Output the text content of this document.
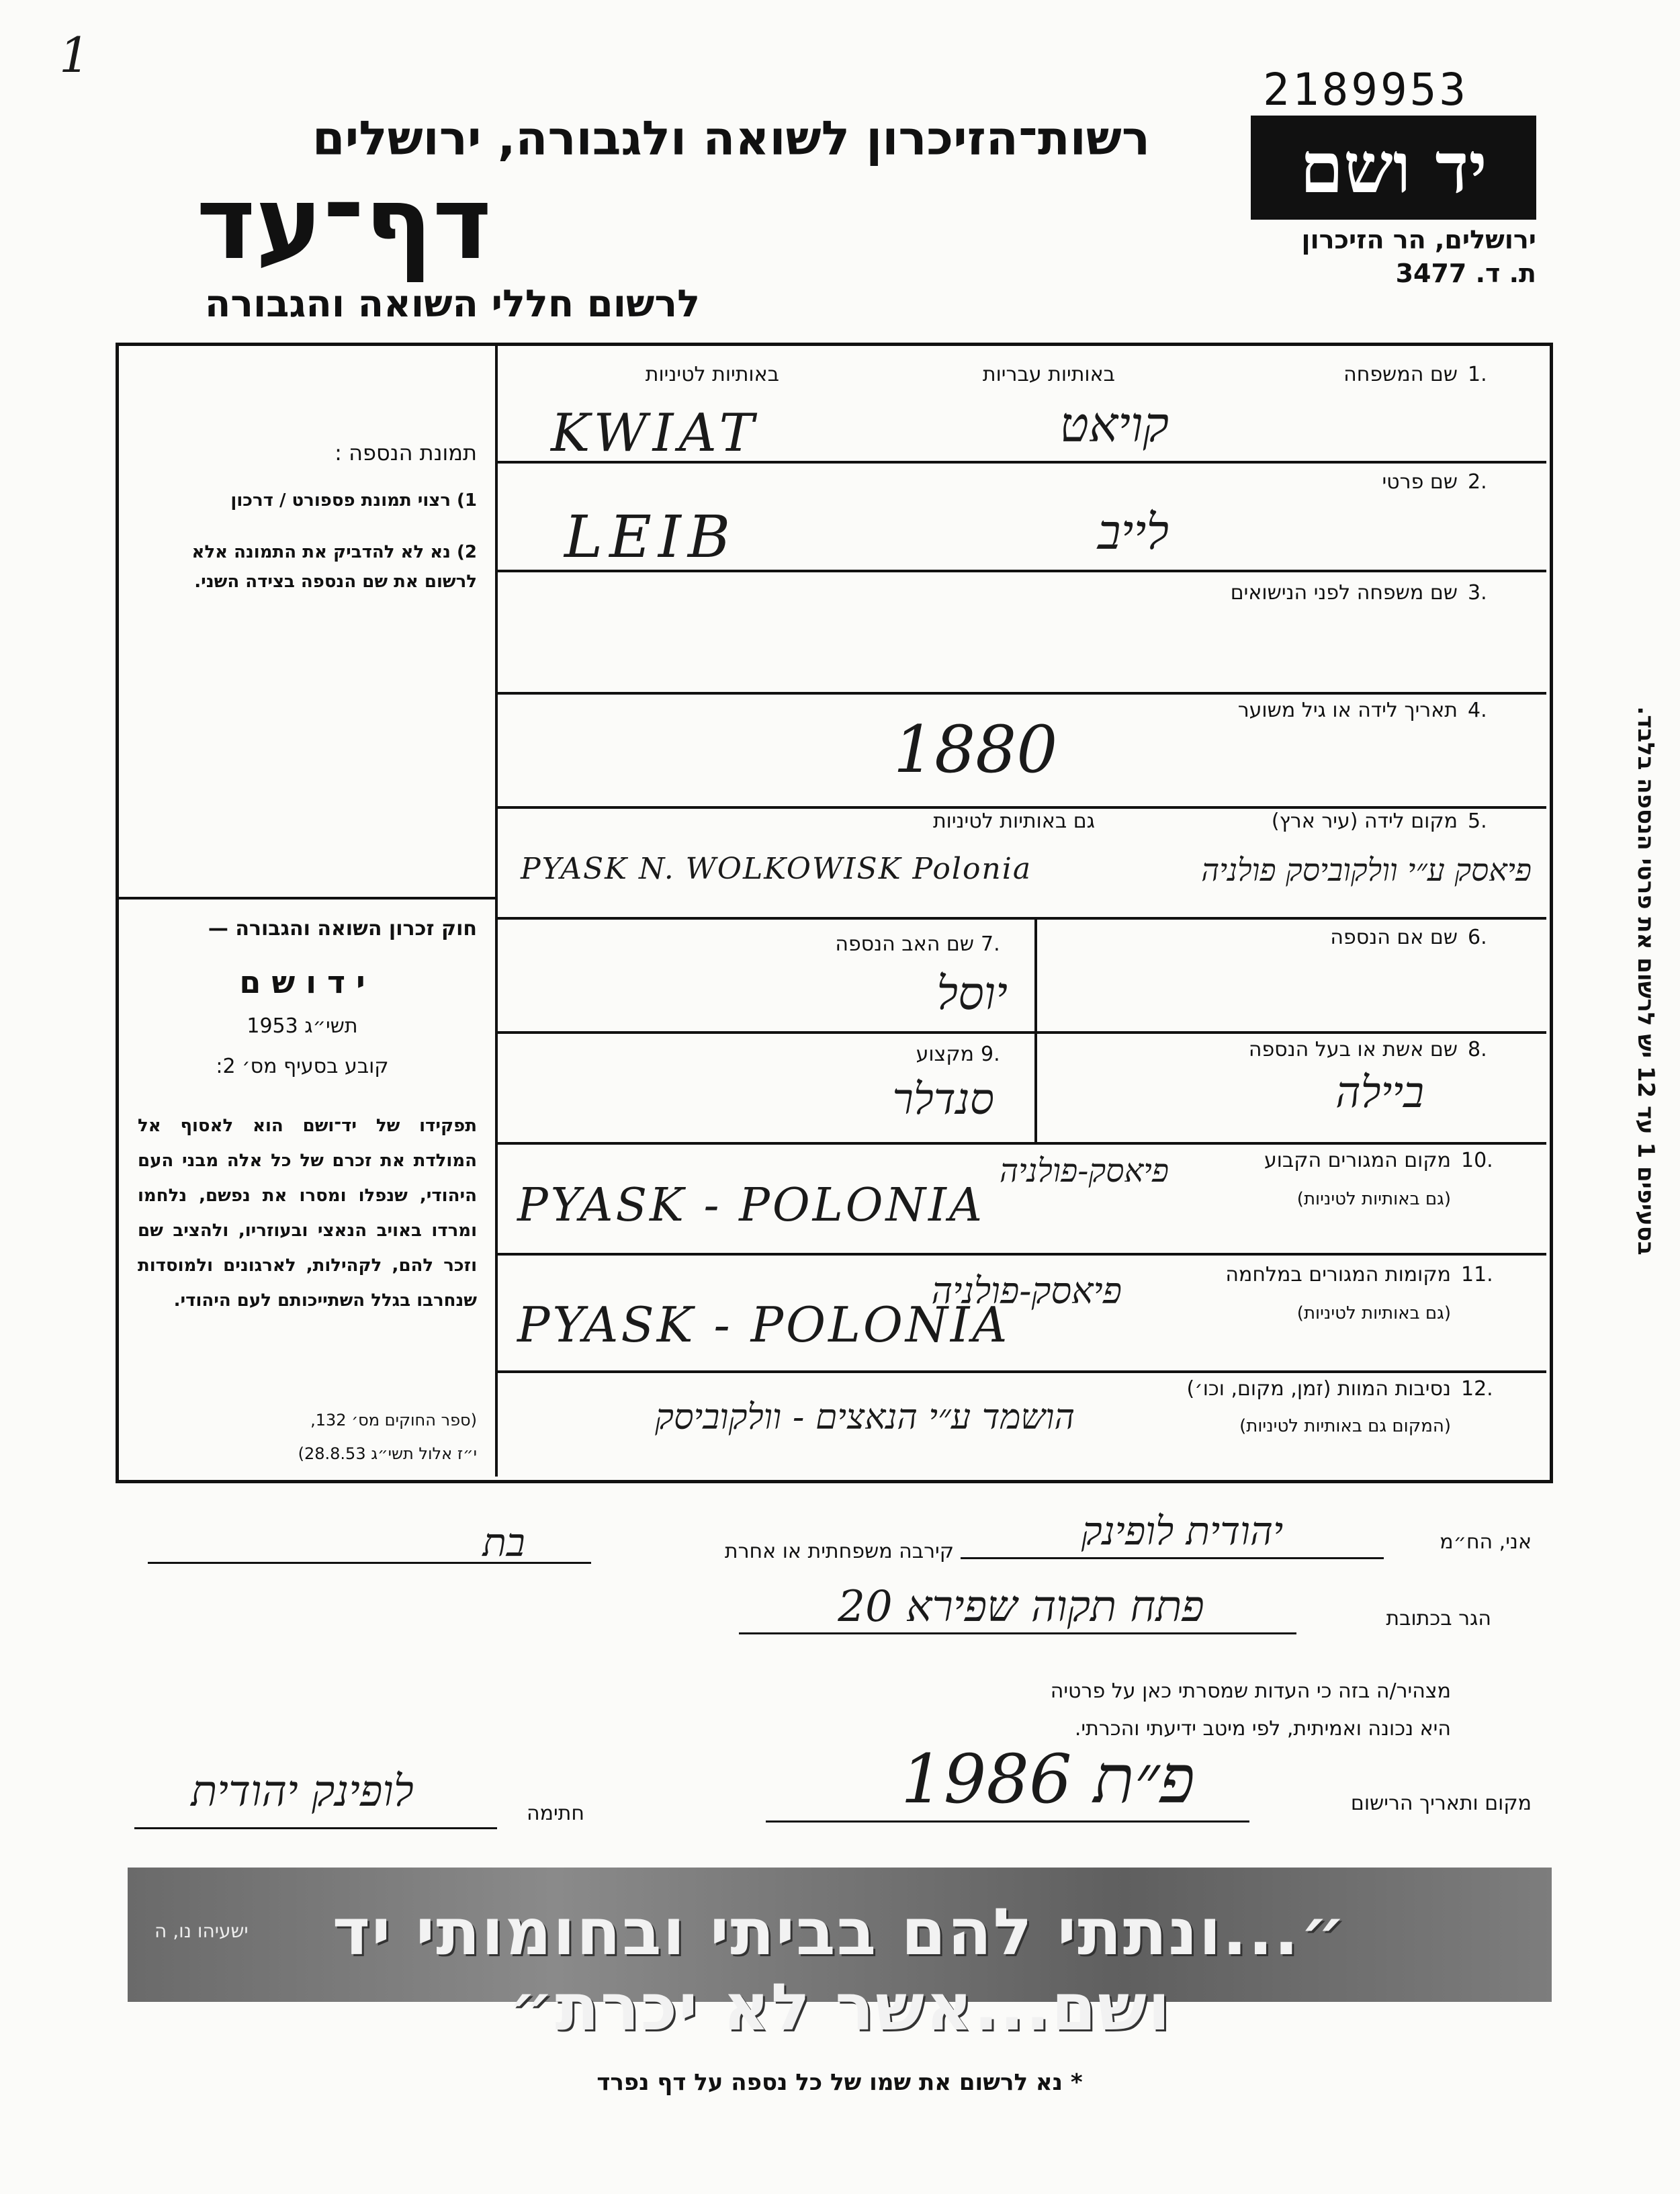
1
2189953
רשות־הזיכרון לשואה ולגבורה, ירושלים
דף־עד
לרשום חללי השואה והגבורה
יד ושם
ירושלים, הר הזיכרון
ת. ד. 3477
תמונת הנספה :
1) רצוי תמונת פספורט / דרכון
2) נא לא להדביק את התמונה אלא לרשום את שם הנספה בצידה השני.
חוק זכרון השואה והגבורה —
י ד ו ש ם
תשי״ג 1953
קובע בסעיף מס׳ 2:
תפקידו של יד־ושם הוא לאסוף אל המולדת את זכרם של כל אלה מבני העם היהודי, שנפלו ומסרו את נפשם, נלחמו ומרדו באויב הנאצי ובעוזריו, ולהציב שם וזכר להם, לקהילות, לארגונים ולמוסדות שנחרבו בגלל השתייכותם לעם היהודי.
(ספר החוקים מס׳ 132,
י״ז אלול תשי״ג 28.8.53)
בסעיפים 1 עד 12 יש לרשום את פרטי הנספה בלבד.
באותיות עבריות
באותיות לטיניות	1.
שם המשפחה
קויאט
KWIAT
2.
שם פרטי
לייב
LEIB
3.
שם משפחה לפני הנישואים
4.
תאריך לידה או גיל משוער
1880
5.
מקום לידה (עיר ארץ)
גם באותיות לטיניות
PYASK N. WOLKOWISK Polonia	פיאסק ע״י וולקוביסק פולניה
6.
שם אם הנספה
7.
שם האב הנספה
יוסל
8.
שם אשת או בעל הנספה
ביילה
9.
מקצוע
סנדלר
10.
מקום המגורים הקבוע
(גם באותיות לטיניות)
PYASK - POLONIA
פיאסק-פולניה
11.
מקומות המגורים במלחמה
(גם באותיות לטיניות)
PYASK - POLONIA
פיאסק-פולניה
12.
נסיבות המוות (זמן, מקום, וכו׳)
(המקום גם באותיות לטיניות)
הושמד ע״י הנאצים - וולקוביסק
אני, הח״מ
יהודית לופינק
קירבה משפחתית או אחרת
בת
הגר בכתובת
פתח תקוה שפירא 20
מצהיר/ה בזה כי העדות שמסרתי כאן על פרטיה
היא נכונה ואמיתית, לפי מיטב ידיעתי והכרתי.
מקום ותאריך הרישום
פ״ת 1986
חתימה
לופינק יהודית
״...ונתתי להם בביתי ובחומותי יד ושם...אשר לא יכרת״
ישעיהו נו, ה
* נא לרשום את שמו של כל נספה על דף נפרד
